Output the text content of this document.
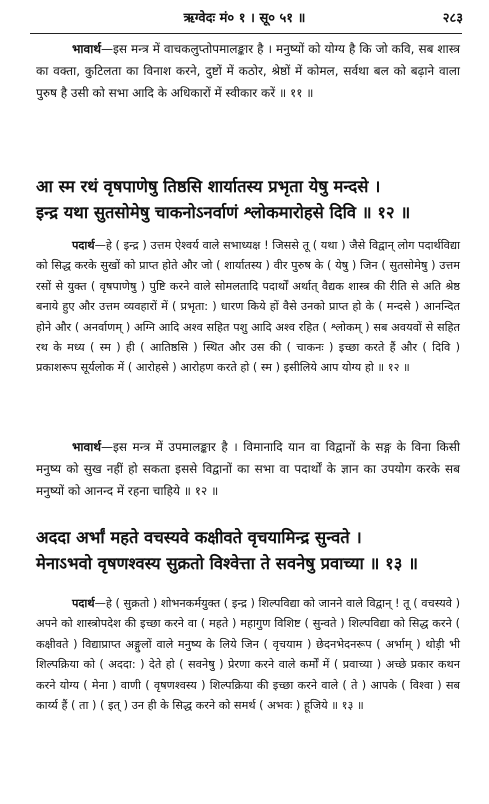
ऋग्वेदः मं० १ । सू० ५१ ॥	२८३
भावार्थ—इस मन्त्र में वाचकलुप्तोपमालङ्कार है । मनुष्यों को योग्य है कि जो कवि, सब शास्त्र का वक्ता, कुटिलता का विनाश करने, दुष्टों में कठोर, श्रेष्ठों में कोमल, सर्वथा बल को बढ़ाने वाला पुरुष है उसी को सभा आदि के अधिकारों में स्वीकार करें ॥ ११ ॥
आ स्म रथं वृषपाणेषु तिष्ठसि शार्यातस्य प्रभृता येषु मन्दसे ।
इन्द्र यथा सुतसोमेषु चाकनोऽनर्वाणं श्लोकमारोहसे दिवि ॥ १२ ॥
पदार्थ—हे ( इन्द्र ) उत्तम ऐश्वर्य वाले सभाध्यक्ष ! जिससे तू ( यथा ) जैसे विद्वान् लोग पदार्थविद्या को सिद्ध करके सुखों को प्राप्त होते और जो ( शार्यातस्य ) वीर पुरुष के ( येषु ) जिन ( सुतसोमेषु ) उत्तम रसों से युक्त ( वृषपाणेषु ) पुष्टि करने वाले सोमलतादि पदार्थों अर्थात् वैद्यक शास्त्र की रीति से अति श्रेष्ठ बनाये हुए और उत्तम व्यवहारों में ( प्रभृता: ) धारण किये हों वैसे उनको प्राप्त हो के ( मन्दसे ) आनन्दित होने और ( अनर्वाणम् ) अग्नि आदि अश्व सहित पशु आदि अश्व रहित ( श्लोकम् ) सब अवयवों से सहित रथ के मध्य ( स्म ) ही ( आतिष्ठसि ) स्थित और उस की ( चाकनः ) इच्छा करते हैं और ( दिवि ) प्रकाशरूप सूर्यलोक में ( आरोहसे ) आरोहण करते हो ( स्म ) इसीलिये आप योग्य हो ॥ १२ ॥
भावार्थ—इस मन्त्र में उपमालङ्कार है । विमानादि यान वा विद्वानों के सङ्ग के विना किसी मनुष्य को सुख नहीं हो सकता इससे विद्वानों का सभा वा पदार्थों के ज्ञान का उपयोग करके सब मनुष्यों को आनन्द में रहना चाहिये ॥ १२ ॥
अददा अर्भां महते वचस्यवे कक्षीवते वृचयामिन्द्र सुन्वते ।
मेनाऽभवो वृषणश्वस्य सुक्रतो विश्वेत्ता ते सवनेषु प्रवाच्या ॥ १३ ॥
पदार्थ—हे ( सुक्रतो ) शोभनकर्मयुक्त ( इन्द्र ) शिल्पविद्या को जानने वाले विद्वान् ! तू ( वचस्यवे ) अपने को शास्त्रोपदेश की इच्छा करने वा ( महते ) महागुण विशिष्ट ( सुन्वते ) शिल्पविद्या को सिद्ध करने ( कक्षीवते ) विद्याप्राप्त अङ्गुलों वाले मनुष्य के लिये जिन ( वृचयाम ) छेदनभेदनरूप ( अर्भाम् ) थोड़ी भी शिल्पक्रिया को ( अददा: ) देते हो ( सवनेषु ) प्रेरणा करने वाले कर्मों में ( प्रवाच्या ) अच्छे प्रकार कथन करने योग्य ( मेना ) वाणी ( वृषणश्वस्य ) शिल्पक्रिया की इच्छा करने वाले ( ते ) आपके ( विश्वा ) सब कार्य्य हैं ( ता ) ( इत् ) उन ही के सिद्ध करने को समर्थ ( अभवः ) हूजिये ॥ १३ ॥
